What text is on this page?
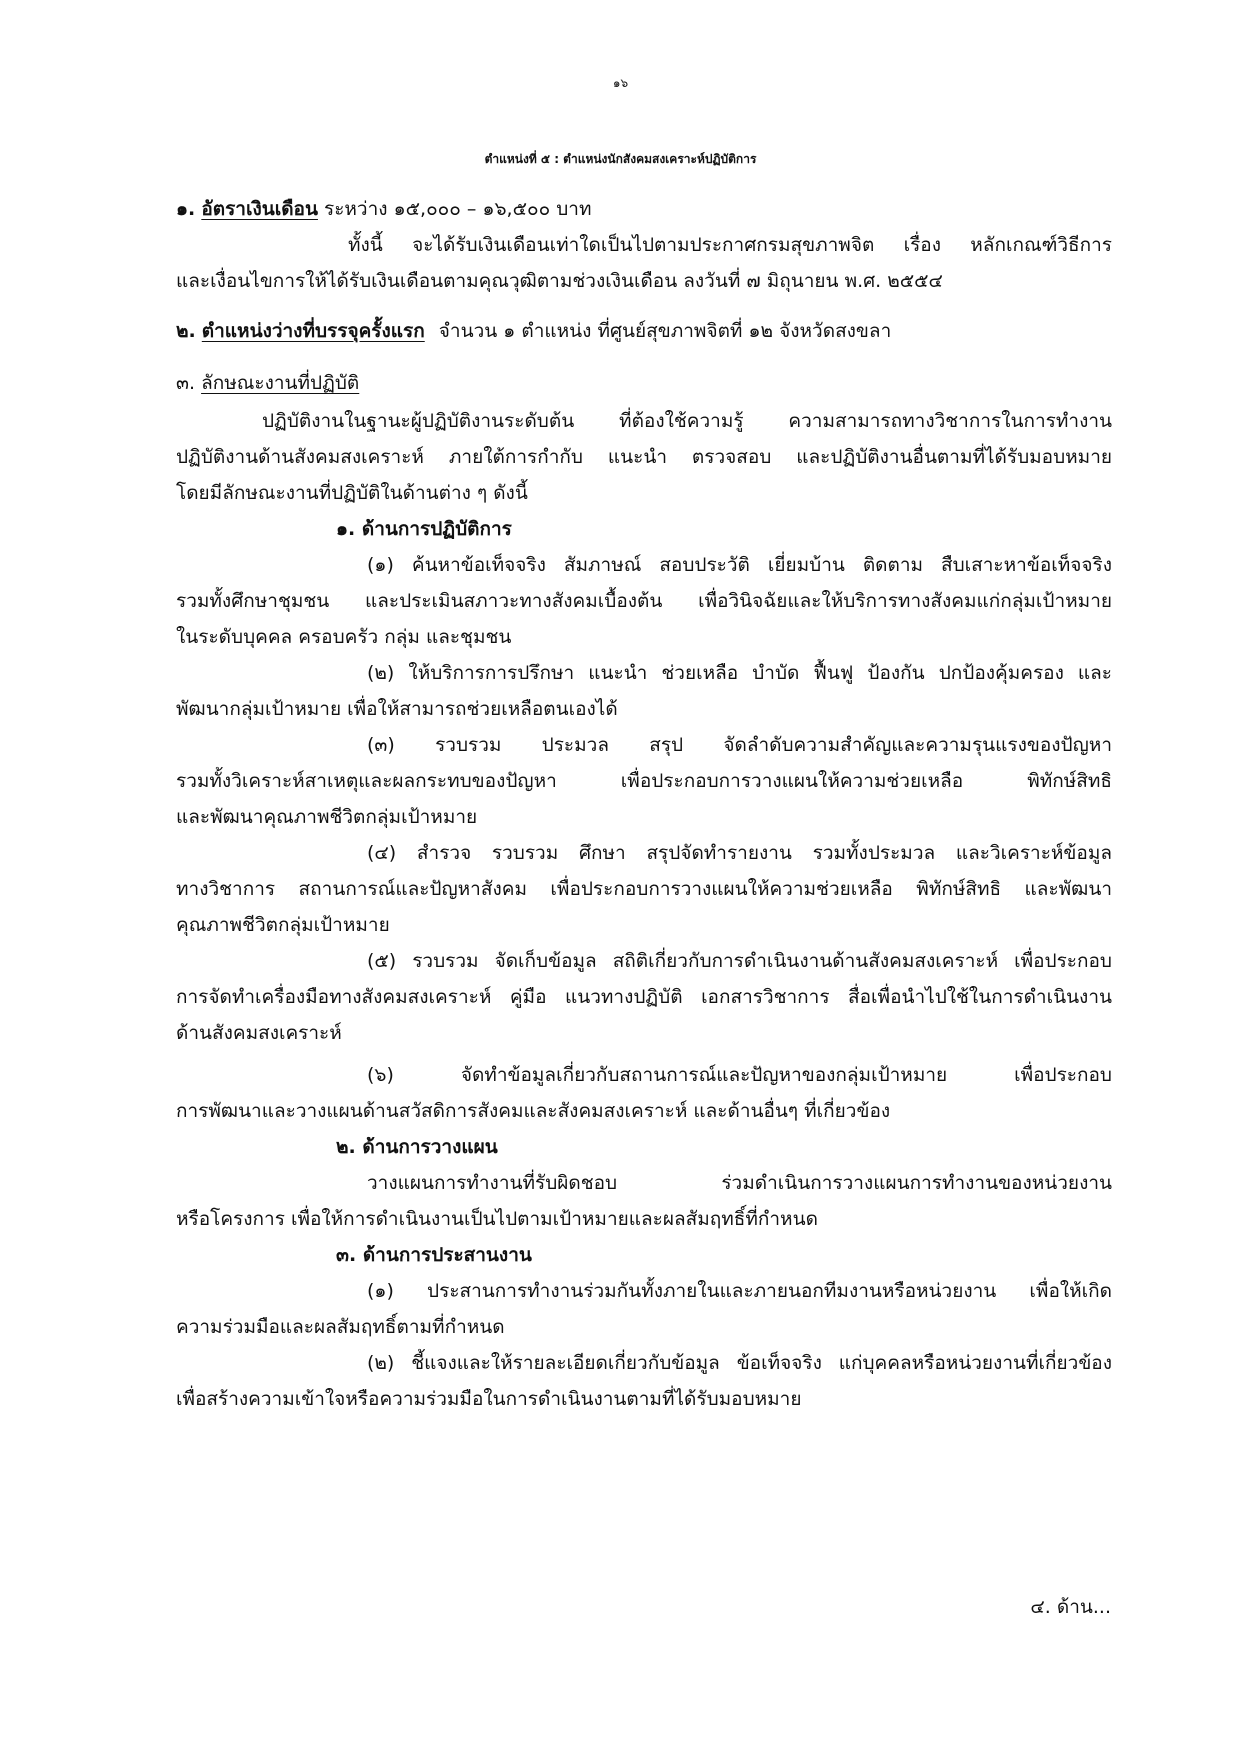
๑๖
ตำแหน่งที่ ๕ : ตำแหน่งนักสังคมสงเคราะห์ปฏิบัติการ
๑. อัตราเงินเดือน ระหว่าง ๑๕,๐๐๐ – ๑๖,๕๐๐ บาท
ทั้งนี้ จะได้รับเงินเดือนเท่าใดเป็นไปตามประกาศกรมสุขภาพจิต เรื่อง หลักเกณฑ์วิธีการ
และเงื่อนไขการให้ได้รับเงินเดือนตามคุณวุฒิตามช่วงเงินเดือน ลงวันที่ ๗ มิถุนายน พ.ศ. ๒๕๕๔
๒. ตำแหน่งว่างที่บรรจุครั้งแรก จำนวน ๑ ตำแหน่ง ที่ศูนย์สุขภาพจิตที่ ๑๒ จังหวัดสงขลา
๓. ลักษณะงานที่ปฏิบัติ
ปฏิบัติงานในฐานะผู้ปฏิบัติงานระดับต้น ที่ต้องใช้ความรู้ ความสามารถทางวิชาการในการทำงาน
ปฏิบัติงานด้านสังคมสงเคราะห์ ภายใต้การกำกับ แนะนำ ตรวจสอบ และปฏิบัติงานอื่นตามที่ได้รับมอบหมาย
โดยมีลักษณะงานที่ปฏิบัติในด้านต่าง ๆ ดังนี้
๑. ด้านการปฏิบัติการ
(๑) ค้นหาข้อเท็จจริง สัมภาษณ์ สอบประวัติ เยี่ยมบ้าน ติดตาม สืบเสาะหาข้อเท็จจริง
รวมทั้งศึกษาชุมชน และประเมินสภาวะทางสังคมเบื้องต้น เพื่อวินิจฉัยและให้บริการทางสังคมแก่กลุ่มเป้าหมาย
ในระดับบุคคล ครอบครัว กลุ่ม และชุมชน
(๒) ให้บริการการปรึกษา แนะนำ ช่วยเหลือ บำบัด ฟื้นฟู ป้องกัน ปกป้องคุ้มครอง และ
พัฒนากลุ่มเป้าหมาย เพื่อให้สามารถช่วยเหลือตนเองได้
(๓) รวบรวม ประมวล สรุป จัดลำดับความสำคัญและความรุนแรงของปัญหา
รวมทั้งวิเคราะห์สาเหตุและผลกระทบของปัญหา เพื่อประกอบการวางแผนให้ความช่วยเหลือ พิทักษ์สิทธิ
และพัฒนาคุณภาพชีวิตกลุ่มเป้าหมาย
(๔) สำรวจ รวบรวม ศึกษา สรุปจัดทำรายงาน รวมทั้งประมวล และวิเคราะห์ข้อมูล
ทางวิชาการ สถานการณ์และปัญหาสังคม เพื่อประกอบการวางแผนให้ความช่วยเหลือ พิทักษ์สิทธิ และพัฒนา
คุณภาพชีวิตกลุ่มเป้าหมาย
(๕) รวบรวม จัดเก็บข้อมูล สถิติเกี่ยวกับการดำเนินงานด้านสังคมสงเคราะห์ เพื่อประกอบ
การจัดทำเครื่องมือทางสังคมสงเคราะห์ คู่มือ แนวทางปฏิบัติ เอกสารวิชาการ สื่อเพื่อนำไปใช้ในการดำเนินงาน
ด้านสังคมสงเคราะห์
(๖) จัดทำข้อมูลเกี่ยวกับสถานการณ์และปัญหาของกลุ่มเป้าหมาย เพื่อประกอบ
การพัฒนาและวางแผนด้านสวัสดิการสังคมและสังคมสงเคราะห์ และด้านอื่นๆ ที่เกี่ยวข้อง
๒. ด้านการวางแผน
วางแผนการทำงานที่รับผิดชอบ ร่วมดำเนินการวางแผนการทำงานของหน่วยงาน
หรือโครงการ เพื่อให้การดำเนินงานเป็นไปตามเป้าหมายและผลสัมฤทธิ์ที่กำหนด
๓. ด้านการประสานงาน
(๑) ประสานการทำงานร่วมกันทั้งภายในและภายนอกทีมงานหรือหน่วยงาน เพื่อให้เกิด
ความร่วมมือและผลสัมฤทธิ์ตามที่กำหนด
(๒) ชี้แจงและให้รายละเอียดเกี่ยวกับข้อมูล ข้อเท็จจริง แก่บุคคลหรือหน่วยงานที่เกี่ยวข้อง
เพื่อสร้างความเข้าใจหรือความร่วมมือในการดำเนินงานตามที่ได้รับมอบหมาย
๔. ด้าน...
